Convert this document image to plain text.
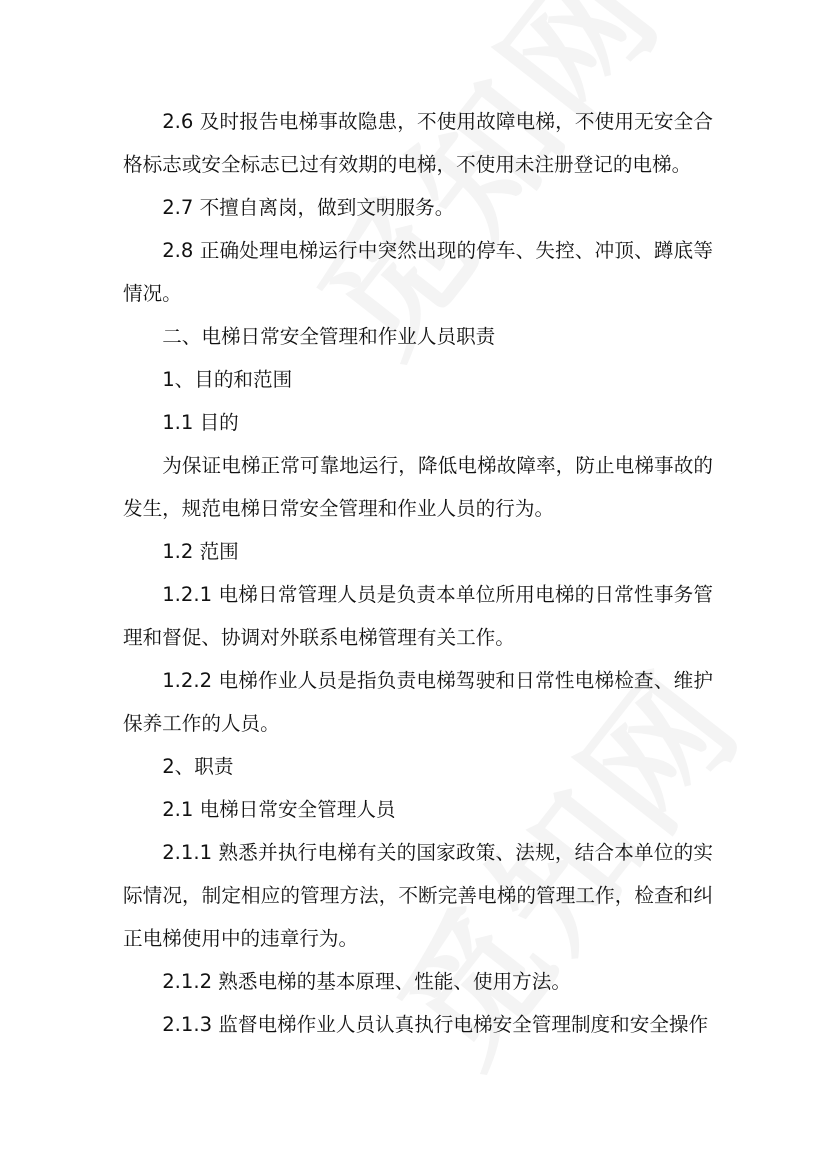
2.6 及时报告电梯事故隐患，不使用故障电梯，不使用无安全合格标志或安全标志已过有效期的电梯，不使用未注册登记的电梯。

2.7 不擅自离岗，做到文明服务。

2.8 正确处理电梯运行中突然出现的停车、失控、冲顶、蹲底等情况。

二、电梯日常安全管理和作业人员职责

1、目的和范围

1.1 目的

为保证电梯正常可靠地运行，降低电梯故障率，防止电梯事故的发生，规范电梯日常安全管理和作业人员的行为。

1.2 范围

1.2.1 电梯日常管理人员是负责本单位所用电梯的日常性事务管理和督促、协调对外联系电梯管理有关工作。

1.2.2 电梯作业人员是指负责电梯驾驶和日常性电梯检查、维护保养工作的人员。

2、职责

2.1 电梯日常安全管理人员

2.1.1 熟悉并执行电梯有关的国家政策、法规，结合本单位的实际情况，制定相应的管理方法，不断完善电梯的管理工作，检查和纠正电梯使用中的违章行为。

2.1.2 熟悉电梯的基本原理、性能、使用方法。

2.1.3 监督电梯作业人员认真执行电梯安全管理制度和安全操作
